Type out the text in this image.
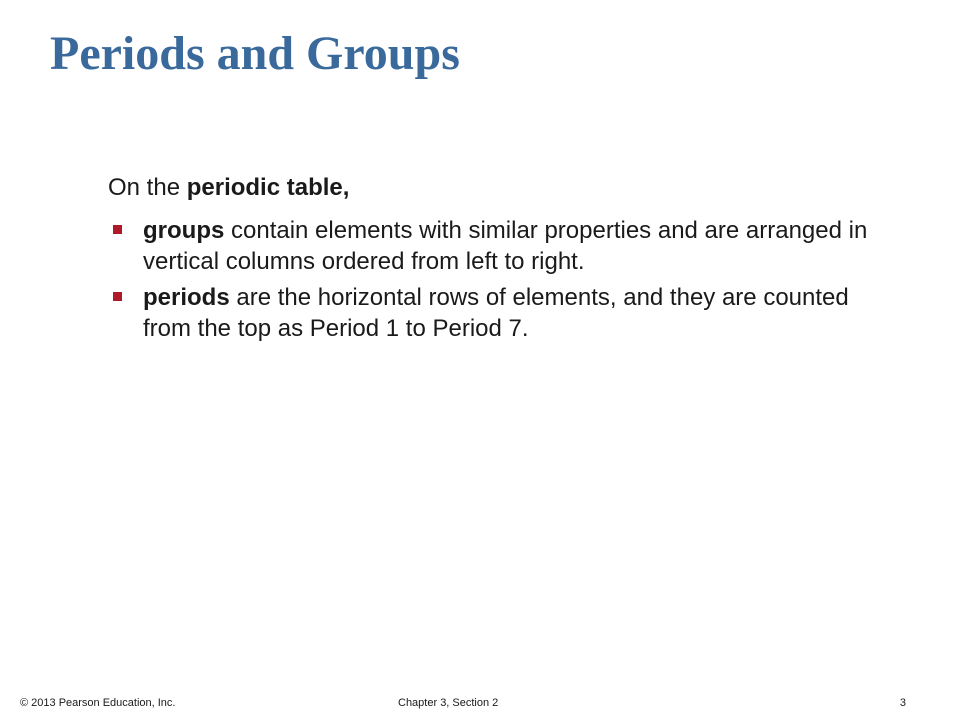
Periods and Groups

On the periodic table,

groups contain elements with similar properties and are arranged in vertical columns ordered from left to right.
periods are the horizontal rows of elements, and they are counted from the top as Period 1 to Period 7.
© 2013 Pearson Education, Inc.	Chapter 3, Section 2	3
